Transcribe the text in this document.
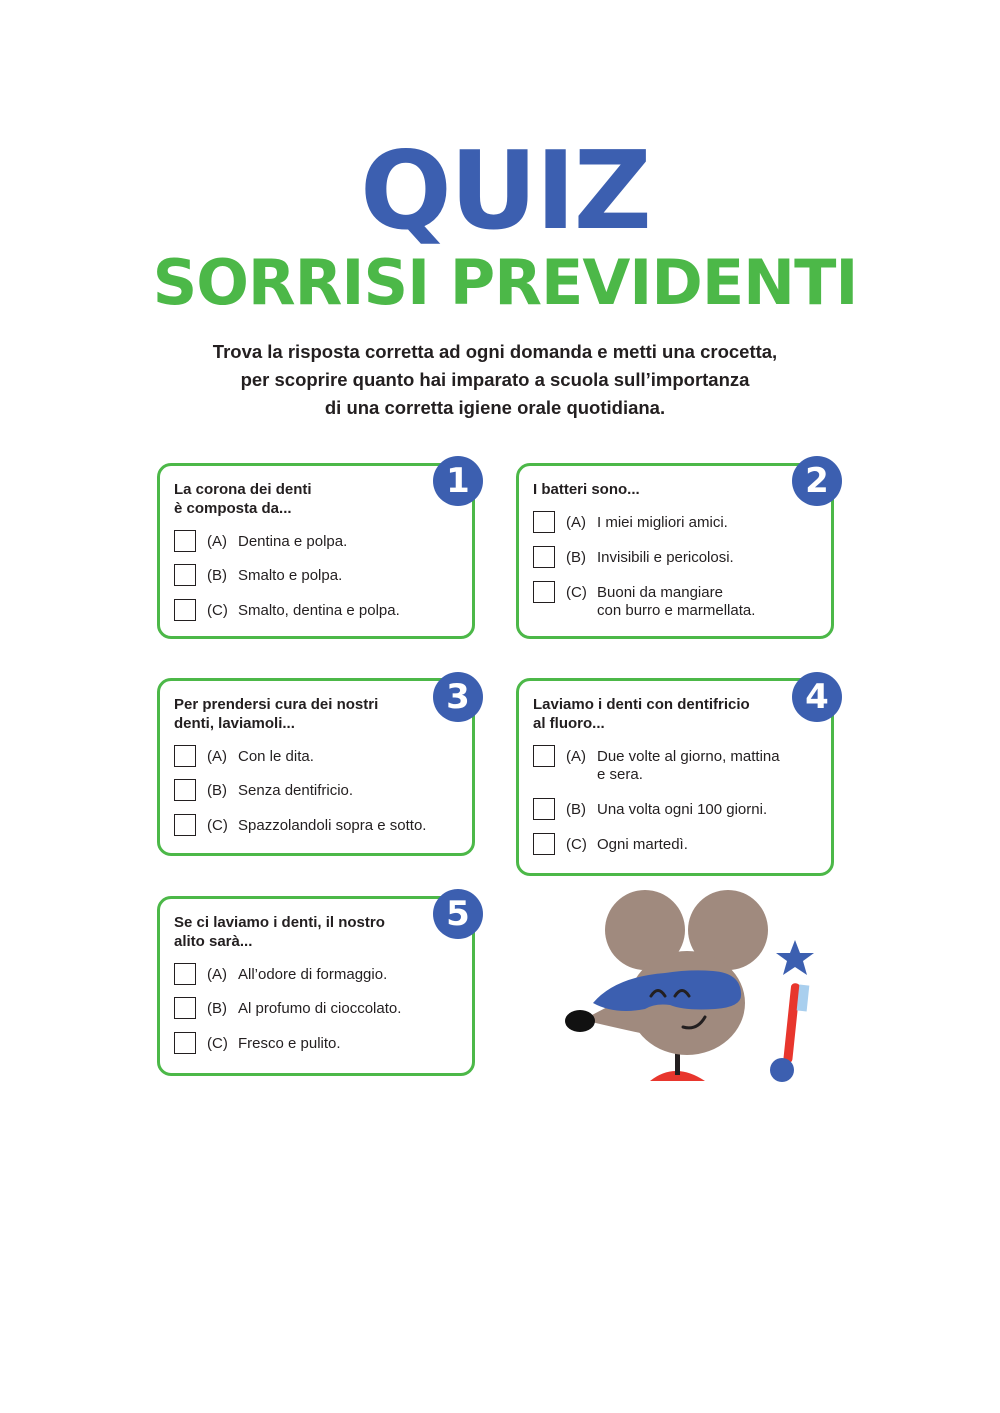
QUIZ
SORRISI PREVIDENTI
Trova la risposta corretta ad ogni domanda e metti una crocetta,
per scoprire quanto hai imparato a scuola sull’importanza
di una corretta igiene orale quotidiana.
La corona dei denti
è composta da...
(A) Dentina e polpa.
(B) Smalto e polpa.
(C) Smalto, dentina e polpa.
1	I batteri sono...
(A) I miei migliori amici.
(B) Invisibili e pericolosi.
(C) Buoni da mangiare
con burro e marmellata.
2
Per prendersi cura dei nostri
denti, laviamoli...
(A) Con le dita.
(B) Senza dentifricio.
(C) Spazzolandoli sopra e sotto.
3	Laviamo i denti con dentifricio
al fluoro...
(A) Due volte al giorno, mattina
e sera.
(B) Una volta ogni 100 giorni.
(C) Ogni martedì.
4
Se ci laviamo i denti, il nostro
alito sarà...
(A) All’odore di formaggio.
(B) Al profumo di cioccolato.
(C) Fresco e pulito.
5
